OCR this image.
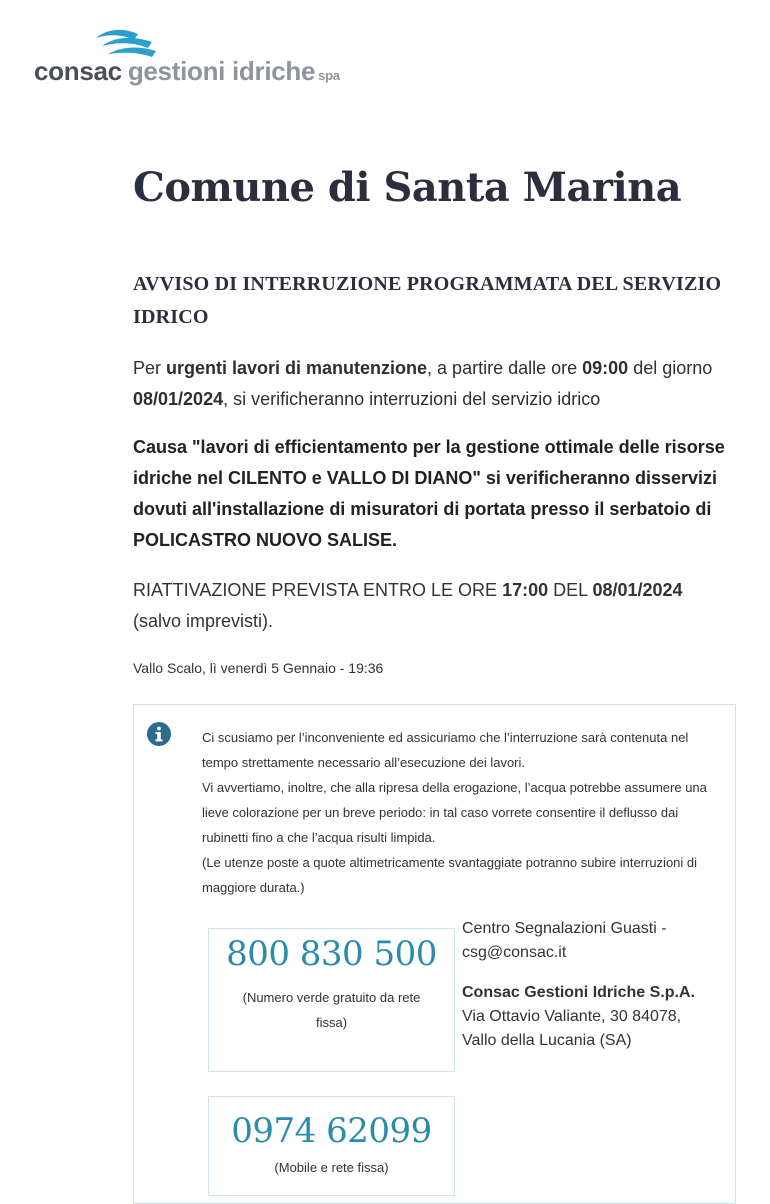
consac gestioni idriche spa
Comune di Santa Marina
AVVISO DI INTERRUZIONE PROGRAMMATA DEL SERVIZIO IDRICO

Per urgenti lavori di manutenzione, a partire dalle ore 09:00 del giorno 08/01/2024, si verificheranno interruzioni del servizio idrico

Causa "lavori di efficientamento per la gestione ottimale delle risorse idriche nel CILENTO e VALLO DI DIANO" si verificheranno disservizi dovuti all'installazione di misuratori di portata presso il serbatoio di POLICASTRO NUOVO SALISE.

RIATTIVAZIONE PREVISTA ENTRO LE ORE 17:00 DEL 08/01/2024 (salvo imprevisti).

Vallo Scalo, lì venerdì 5 Gennaio - 19:36

Ci scusiamo per l’inconveniente ed assicuriamo che l’interruzione sarà contenuta nel tempo strettamente necessario all’esecuzione dei lavori.
Vi avvertiamo, inoltre, che alla ripresa della erogazione, l’acqua potrebbe assumere una lieve colorazione per un breve periodo: in tal caso vorrete consentire il deflusso dai rubinetti fino a che l’acqua risulti limpida.
(Le utenze poste a quote altimetricamente svantaggiate potranno subire interruzioni di maggiore durata.)

800 830 500
(Numero verde gratuito da rete fissa)
0974 62099
(Mobile e rete fissa)

Centro Segnalazioni Guasti -
csg@consac.it

Consac Gestioni Idriche S.p.A.
Via Ottavio Valiante, 30 84078,
Vallo della Lucania (SA)
